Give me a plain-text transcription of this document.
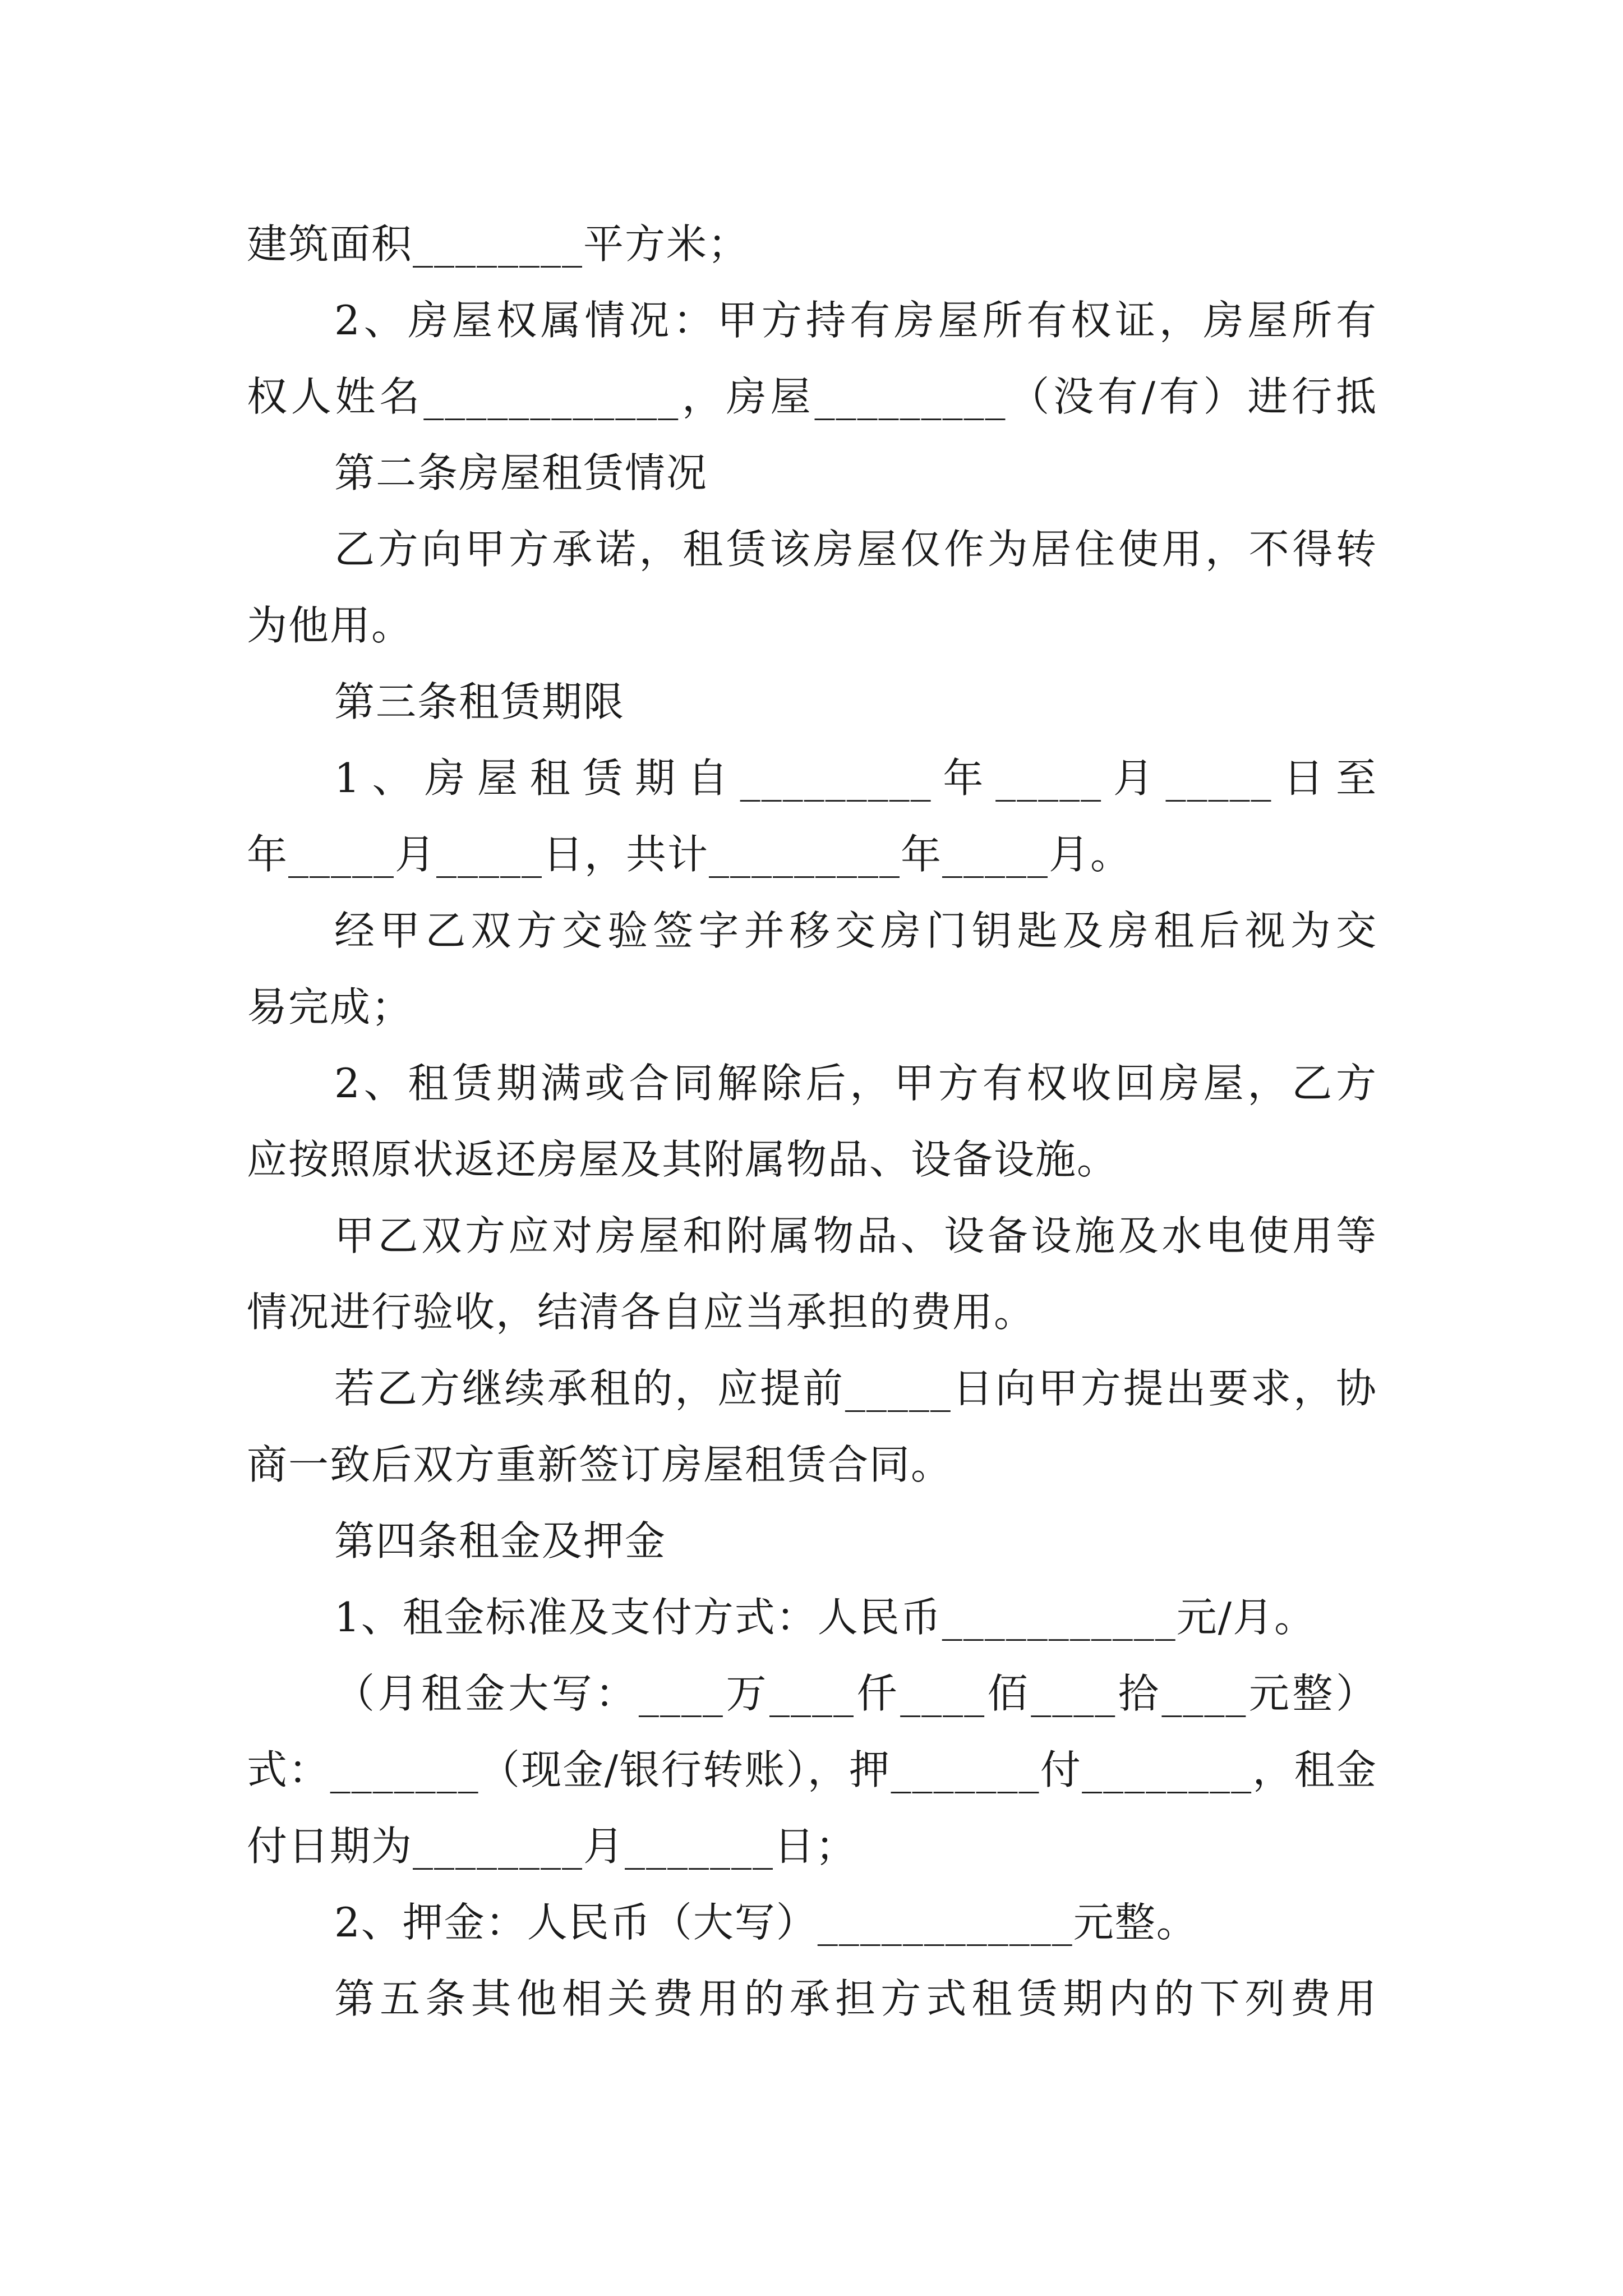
建筑面积________平方米；
2、房屋权属情况：甲方持有房屋所有权证，房屋所有
权人姓名____________，房屋_________（没有/有）进行抵
第二条房屋租赁情况
乙方向甲方承诺，租赁该房屋仅作为居住使用，不得转
为他用。
第三条租赁期限
1、房屋租赁期自_________年_____月_____日至
年_____月_____日，共计_________年_____月。
经甲乙双方交验签字并移交房门钥匙及房租后视为交
易完成；
2、租赁期满或合同解除后，甲方有权收回房屋，乙方
应按照原状返还房屋及其附属物品、设备设施。
甲乙双方应对房屋和附属物品、设备设施及水电使用等
情况进行验收，结清各自应当承担的费用。
若乙方继续承租的，应提前_____日向甲方提出要求，协
商一致后双方重新签订房屋租赁合同。
第四条租金及押金
1、租金标准及支付方式：人民币___________元/月。
（月租金大写：____万____仟____佰____拾____元整）
式：_______（现金/银行转账），押_______付________，租金
付日期为________月_______日；
2、押金：人民币（大写）____________元整。
第五条其他相关费用的承担方式租赁期内的下列费用
